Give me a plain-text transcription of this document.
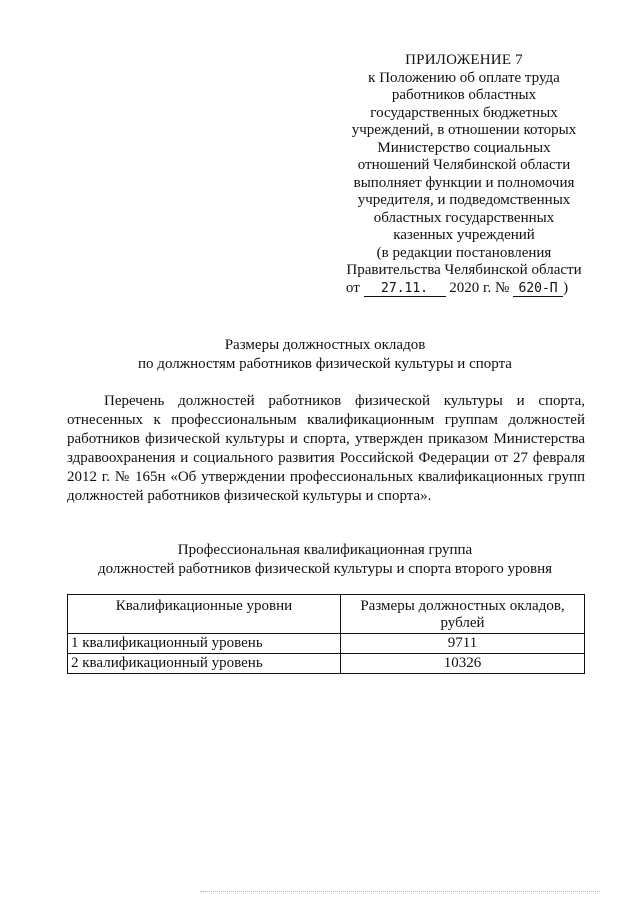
ПРИЛОЖЕНИЕ 7
к Положению об оплате труда
работников областных
государственных бюджетных
учреждений, в отношении которых
Министерство социальных
отношений Челябинской области
выполняет функции и полномочия
учредителя, и подведомственных
областных государственных
казенных учреждений
(в редакции постановления
Правительства Челябинской области
от 27.11. 2020 г. № 620-П )
Размеры должностных окладов
по должностям работников физической культуры и спорта

Перечень должностей работников физической культуры и спорта, отнесенных к профессиональным квалификационным группам должностей работников физической культуры и спорта, утвержден приказом Министерства здравоохранения и социального развития Российской Федерации от 27 февраля 2012 г. № 165н «Об утверждении профессиональных квалификационных групп должностей работников физической культуры и спорта».

Профессиональная квалификационная группа
должностей работников физической культуры и спорта второго уровня
Квалификационные уровни	Размеры должностных окладов, рублей
1 квалификационный уровень	9711
2 квалификационный уровень	10326
